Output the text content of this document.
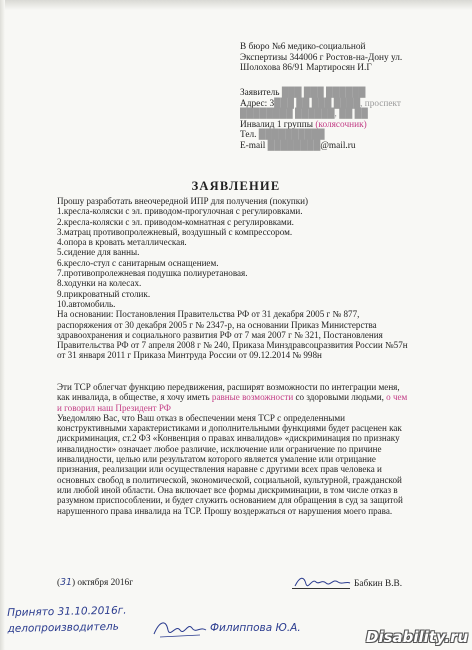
В бюро №6 медико-социальной
Экспертизы 344006 г Ростов-на-Дону ул.
Шолохова 86/91 Мартиросян И.Г
Заявитель ███ ███ ██████
Адрес: 3███ ██ ███ ████, проспект
████████ ██████, ██ ██
Инвалид 1 группы (колясочник)
Тел. ██████████
E-mail ████████@mail.ru
ЗАЯВЛЕНИЕ
Прошу разработать внеочередной ИПР для получения (покупки)
1.кресла-коляски с эл. приводом-прогулочная с регулировками.
2.кресла-коляски с эл. приводом-комнатная с регулировками.
3.матрац противопролежневый, воздушный с компрессором.
4.опора в кровать металлическая.
5.сидение для ванны.
6.кресло-стул с санитарным оснащением.
7.противопролежневая подушка полиуретановая.
8.ходунки на колесах.
9.прикроватный столик.
10.автомобиль.
На основании: Постановления Правительства РФ от 31 декабря 2005 г № 877,
распоряжения от 30 декабря 2005 г № 2347-р, на основании Приказ Министерства
здравоохранения и социального развития РФ от 7 мая 2007 г № 321, Постановления
Правительства РФ от 7 апреля 2008 г № 240, Приказа Минздравсоцразвития России №57н
от 31 января 2011 г Приказа Минтруда России от 09.12.2014 № 998н
Эти ТСР облегчат функцию передвижения, расширят возможности по интеграции меня,
как инвалида, в обществе, я хочу иметь равные возможности со здоровыми людьми, о чем
и говорил наш Президент РФ
Уведомляю Вас, что Ваш отказ в обеспечении меня ТСР с определенными
конструктивными характеристиками и дополнительными функциями будет расценен как
дискриминация, ст.2 ФЗ «Конвенция о правах инвалидов» «дискриминация по признаку
инвалидности» означает любое различие, исключение или ограничение по причине
инвалидности, целью или результатом которого является умаление или отрицание
признания, реализации или осуществления наравне с другими всех прав человека и
основных свобод в политической, экономической, социальной, культурной, гражданской
или любой иной области. Она включает все формы дискриминации, в том числе отказ в
разумном приспособлении, и будет служить основанием для обращения в суд за защитой
нарушенного права инвалида на ТСР. Прошу воздержаться от нарушения моего права.
(31) октября 2016г	Бабкин В.В.
Принято 31.10.2016г.
делопроизводитель	Филиппова Ю.А.	Disability.ru
